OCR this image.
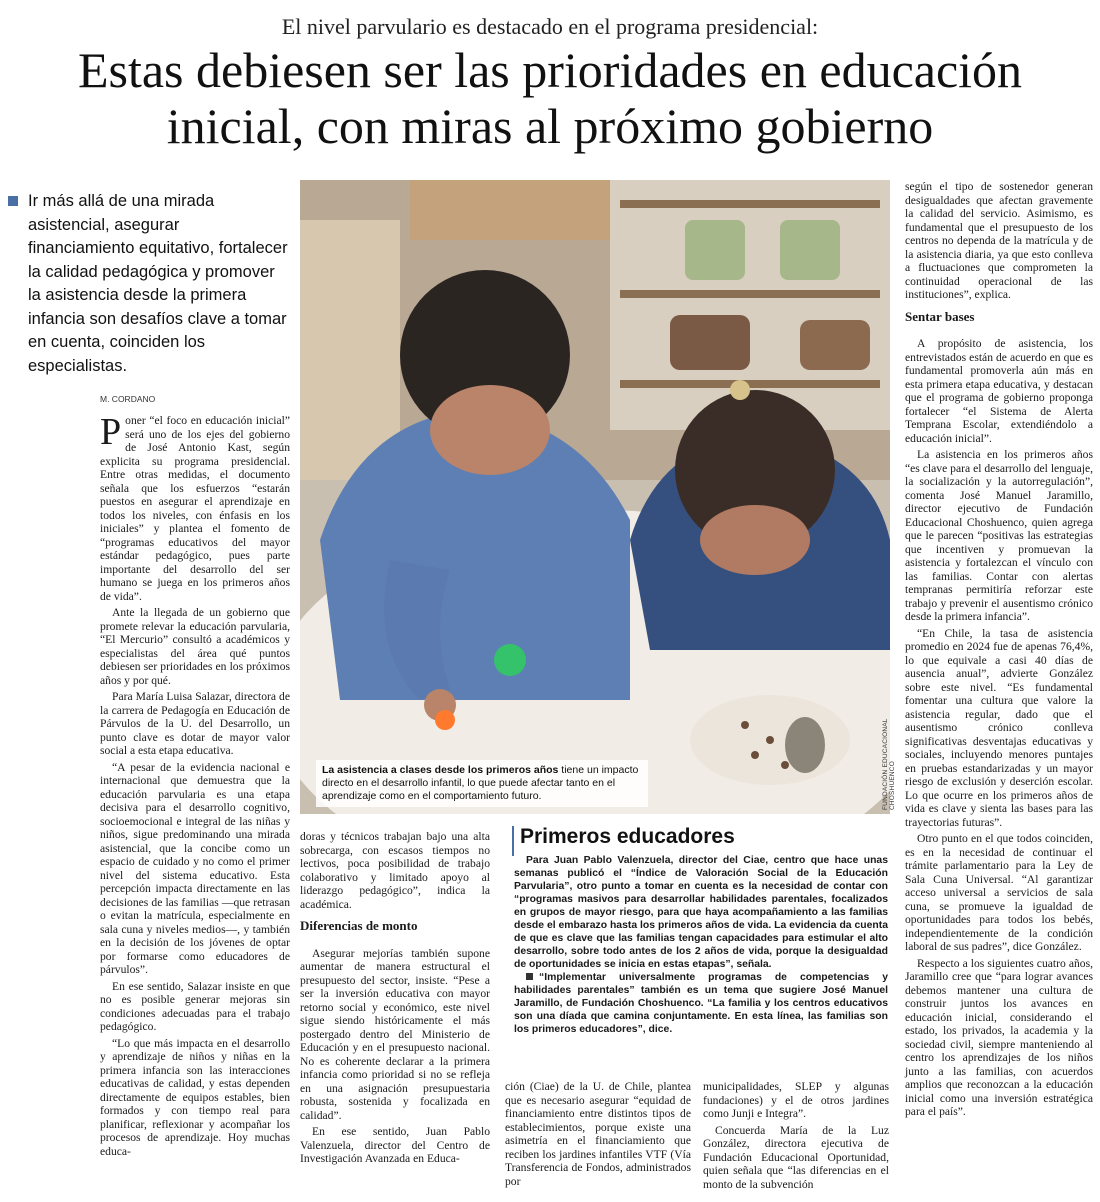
El nivel parvulario es destacado en el programa presidencial:
Estas debiesen ser las prioridades en educación
inicial, con miras al próximo gobierno

Ir más allá de una mirada asistencial, asegurar financiamiento equitativo, fortalecer la calidad pedagógica y promover la asistencia desde la primera infancia son desafíos clave a tomar en cuenta, coinciden los especialistas.

M. CORDANO

Poner “el foco en educación inicial” será uno de los ejes del gobierno de José Antonio Kast, según explicita su programa presidencial. Entre otras medidas, el documento señala que los esfuerzos “estarán puestos en asegurar el aprendizaje en todos los niveles, con énfasis en los iniciales” y plantea el fomento de “programas educativos del mayor estándar pedagógico, pues parte importante del desarrollo del ser humano se juega en los primeros años de vida”.

Ante la llegada de un gobierno que promete relevar la educación parvularia, “El Mercurio” consultó a académicos y especialistas del área qué puntos debiesen ser prioridades en los próximos años y por qué.

Para María Luisa Salazar, directora de la carrera de Pedagogía en Educación de Párvulos de la U. del Desarrollo, un punto clave es dotar de mayor valor social a esta etapa educativa.

“A pesar de la evidencia nacional e internacional que demuestra que la educación parvularia es una etapa decisiva para el desarrollo cognitivo, socioemocional e integral de las niñas y niños, sigue predominando una mirada asistencial, que la concibe como un espacio de cuidado y no como el primer nivel del sistema educativo. Esta percepción impacta directamente en las decisiones de las familias —que retrasan o evitan la matrícula, especialmente en sala cuna y niveles medios—, y también en la decisión de los jóvenes de optar por formarse como educadores de párvulos”.

En ese sentido, Salazar insiste en que no es posible generar mejoras sin condiciones adecuadas para el trabajo pedagógico.

“Lo que más impacta en el desarrollo y aprendizaje de niños y niñas en la primera infancia son las interacciones educativas de calidad, y estas dependen directamente de equipos estables, bien formados y con tiempo real para planificar, reflexionar y acompañar los procesos de aprendizaje. Hoy muchas educa-

La asistencia a clases desde los primeros años tiene un impacto directo en el desarrollo infantil, lo que puede afectar tanto en el aprendizaje como en el comportamiento futuro.	FUNDACIÓN EDUCACIONAL CHOSHUENCO

doras y técnicos trabajan bajo una alta sobrecarga, con escasos tiempos no lectivos, poca posibilidad de trabajo colaborativo y limitado apoyo al liderazgo pedagógico”, indica la académica.

Diferencias de monto

Asegurar mejorías también supone aumentar de manera estructural el presupuesto del sector, insiste. “Pese a ser la inversión educativa con mayor retorno social y económico, este nivel sigue siendo históricamente el más postergado dentro del Ministerio de Educación y en el presupuesto nacional. No es coherente declarar a la primera infancia como prioridad si no se refleja en una asignación presupuestaria robusta, sostenida y focalizada en calidad”.

En ese sentido, Juan Pablo Valenzuela, director del Centro de Investigación Avanzada en Educa-

Primeros educadores

Para Juan Pablo Valenzuela, director del Ciae, centro que hace unas semanas publicó el “Índice de Valoración Social de la Educación Parvularia”, otro punto a tomar en cuenta es la necesidad de contar con “programas masivos para desarrollar habilidades parentales, focalizados en grupos de mayor riesgo, para que haya acompañamiento a las familias desde el embarazo hasta los primeros años de vida. La evidencia da cuenta de que es clave que las familias tengan capacidades para estimular el alto desarrollo, sobre todo antes de los 2 años de vida, porque la desigualdad de oportunidades se inicia en estas etapas”, señala.

“Implementar universalmente programas de competencias y habilidades parentales” también es un tema que sugiere José Manuel Jaramillo, de Fundación Choshuenco. “La familia y los centros educativos son una díada que camina conjuntamente. En esta línea, las familias son los primeros educadores”, dice.

ción (Ciae) de la U. de Chile, plantea que es necesario asegurar “equidad de financiamiento entre distintos tipos de establecimientos, porque existe una asimetría en el financiamiento que reciben los jardines infantiles VTF (Vía Transferencia de Fondos, administrados por

municipalidades, SLEP y algunas fundaciones) y el de otros jardines como Junji e Integra”.

Concuerda María de la Luz González, directora ejecutiva de Fundación Educacional Oportunidad, quien señala que “las diferencias en el monto de la subvención

según el tipo de sostenedor generan desigualdades que afectan gravemente la calidad del servicio. Asimismo, es fundamental que el presupuesto de los centros no dependa de la matrícula y de la asistencia diaria, ya que esto conlleva a fluctuaciones que comprometen la continuidad operacional de las instituciones”, explica.

Sentar bases

A propósito de asistencia, los entrevistados están de acuerdo en que es fundamental promoverla aún más en esta primera etapa educativa, y destacan que el programa de gobierno proponga fortalecer “el Sistema de Alerta Temprana Escolar, extendiéndolo a educación inicial”.

La asistencia en los primeros años “es clave para el desarrollo del lenguaje, la socialización y la autorregulación”, comenta José Manuel Jaramillo, director ejecutivo de Fundación Educacional Choshuenco, quien agrega que le parecen “positivas las estrategias que incentiven y promuevan la asistencia y fortalezcan el vínculo con las familias. Contar con alertas tempranas permitiría reforzar este trabajo y prevenir el ausentismo crónico desde la primera infancia”.

“En Chile, la tasa de asistencia promedio en 2024 fue de apenas 76,4%, lo que equivale a casi 40 días de ausencia anual”, advierte González sobre este nivel. “Es fundamental fomentar una cultura que valore la asistencia regular, dado que el ausentismo crónico conlleva significativas desventajas educativas y sociales, incluyendo menores puntajes en pruebas estandarizadas y un mayor riesgo de exclusión y deserción escolar. Lo que ocurre en los primeros años de vida es clave y sienta las bases para las trayectorias futuras”.

Otro punto en el que todos coinciden, es en la necesidad de continuar el trámite parlamentario para la Ley de Sala Cuna Universal. “Al garantizar acceso universal a servicios de sala cuna, se promueve la igualdad de oportunidades para todos los bebés, independientemente de la condición laboral de sus padres”, dice González.

Respecto a los siguientes cuatro años, Jaramillo cree que “para lograr avances debemos mantener una cultura de construir juntos los avances en educación inicial, considerando el estado, los privados, la academia y la sociedad civil, siempre manteniendo al centro los aprendizajes de los niños junto a las familias, con acuerdos amplios que reconozcan a la educación inicial como una inversión estratégica para el país”.
